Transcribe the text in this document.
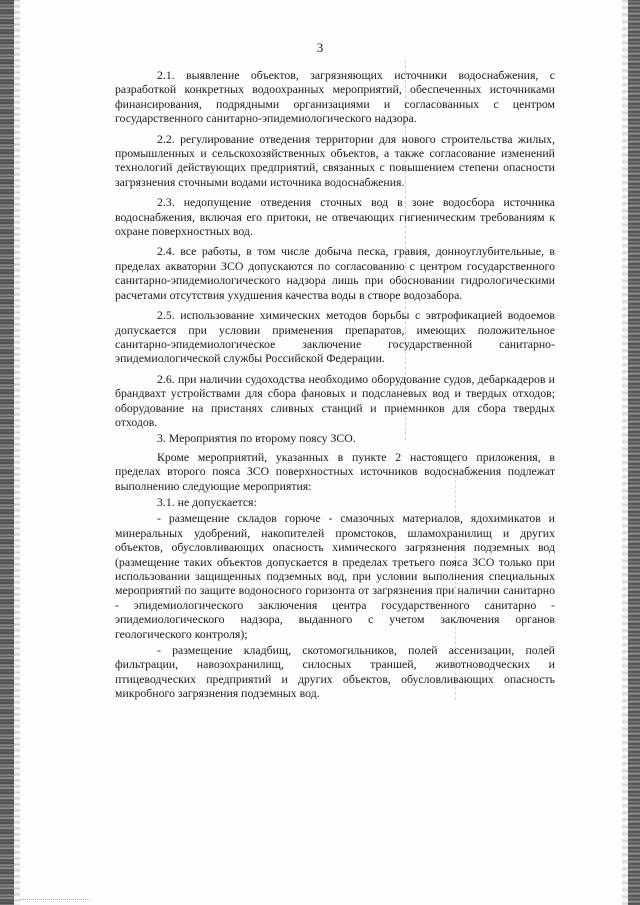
3

2.1. выявление объектов, загрязняющих источники водоснабжения, с разработкой конкретных водоохранных мероприятий, обеспеченных источниками финансирования, подрядными организациями и согласованных с центром государственного санитарно-эпидемиологического надзора.

2.2. регулирование отведения территории для нового строительства жилых, промышленных и сельскохозяйственных объектов, а также согласование изменений технологий действующих предприятий, связанных с повышением степени опасности загрязнения сточными водами источника водоснабжения.

2.3. недопущение отведения сточных вод в зоне водосбора источника водоснабжения, включая его притоки, не отвечающих гигиеническим требованиям к охране поверхностных вод.

2.4. все работы, в том числе добыча песка, гравия, донноуглубительные, в пределах акватории ЗСО допускаются по согласованию с центром государственного санитарно-эпидемиологического надзора лишь при обосновании гидрологическими расчетами отсутствия ухудшения качества воды в створе водозабора.

2.5. использование химических методов борьбы с эвтрофикацией водоемов допускается при условии применения препаратов, имеющих положительное санитарно-эпидемиологическое заключение государственной санитарно-эпидемиологической службы Российской Федерации.

2.6. при наличии судоходства необходимо оборудование судов, дебаркадеров и брандвахт устройствами для сбора фановых и подсланевых вод и твердых отходов; оборудование на пристанях сливных станций и приемников для сбора твердых отходов.

3. Мероприятия по второму поясу ЗСО.

Кроме мероприятий, указанных в пункте 2 настоящего приложения, в пределах второго пояса ЗСО поверхностных источников водоснабжения подлежат выполнению следующие мероприятия:

3.1. не допускается:

- размещение складов горюче - смазочных материалов, ядохимикатов и минеральных удобрений, накопителей промстоков, шламохранилищ и других объектов, обусловливающих опасность химического загрязнения подземных вод (размещение таких объектов допускается в пределах третьего пояса ЗСО только при использовании защищенных подземных вод, при условии выполнения специальных мероприятий по защите водоносного горизонта от загрязнения при наличии санитарно - эпидемиологического заключения центра государственного санитарно - эпидемиологического надзора, выданного с учетом заключения органов геологического контроля);

- размещение кладбищ, скотомогильников, полей ассенизации, полей фильтрации, навозохранилищ, силосных траншей, животноводческих и птицеводческих предприятий и других объектов, обусловливающих опасность микробного загрязнения подземных вод.
